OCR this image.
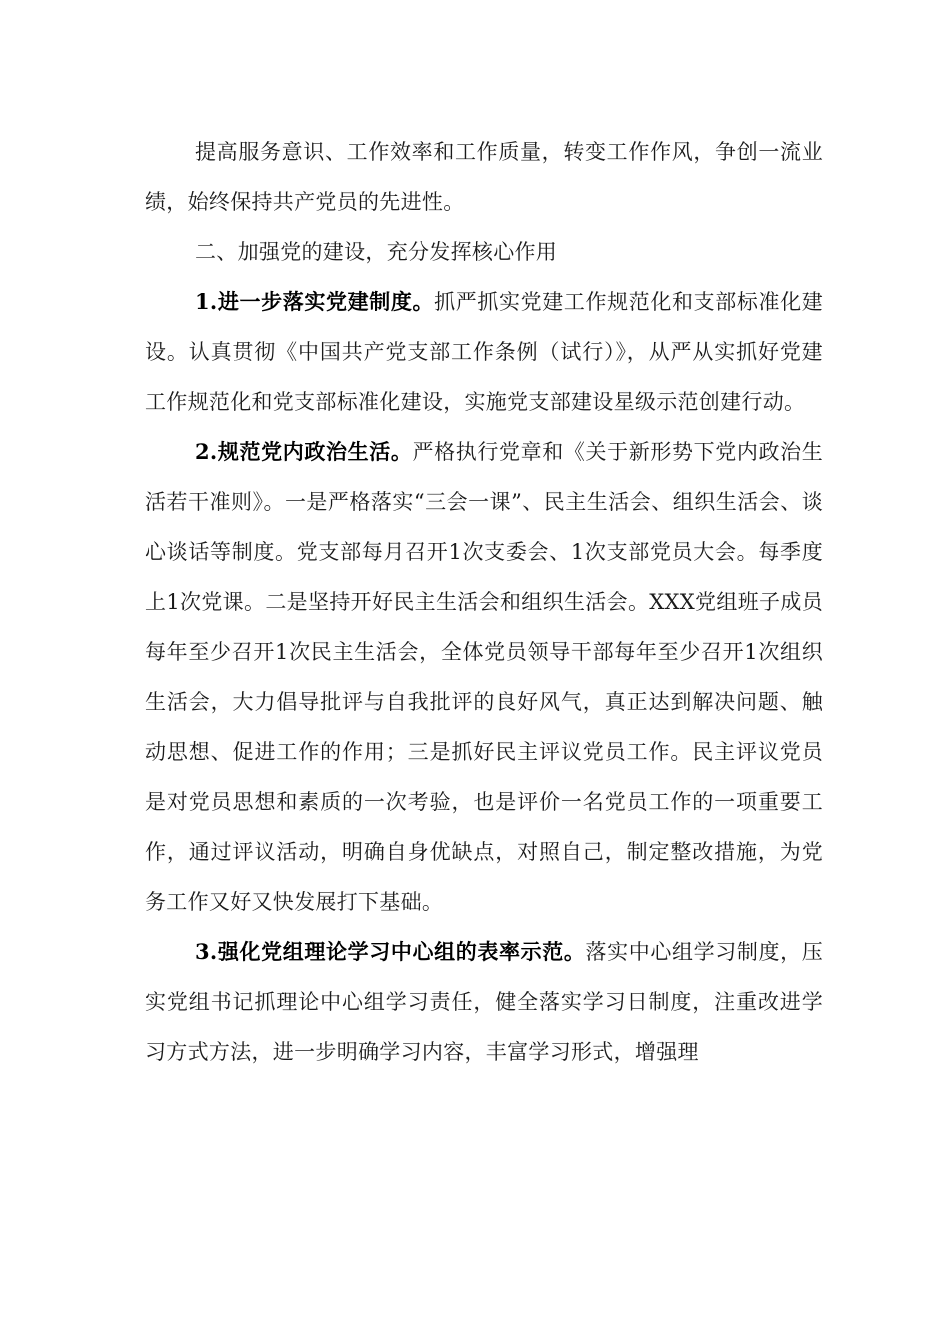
提高服务意识、工作效率和工作质量，转变工作作风，争创一流业绩，始终保持共产党员的先进性。

二、加强党的建设，充分发挥核心作用

1.进一步落实党建制度。抓严抓实党建工作规范化和支部标准化建设。认真贯彻《中国共产党支部工作条例（试行）》，从严从实抓好党建工作规范化和党支部标准化建设，实施党支部建设星级示范创建行动。

2.规范党内政治生活。严格执行党章和《关于新形势下党内政治生活若干准则》。一是严格落实“三会一课”、民主生活会、组织生活会、谈心谈话等制度。党支部每月召开1次支委会、1次支部党员大会。每季度上1次党课。二是坚持开好民主生活会和组织生活会。XXX党组班子成员每年至少召开1次民主生活会，全体党员领导干部每年至少召开1次组织生活会，大力倡导批评与自我批评的良好风气，真正达到解决问题、触动思想、促进工作的作用；三是抓好民主评议党员工作。民主评议党员是对党员思想和素质的一次考验，也是评价一名党员工作的一项重要工作，通过评议活动，明确自身优缺点，对照自己，制定整改措施，为党务工作又好又快发展打下基础。

3.强化党组理论学习中心组的表率示范。落实中心组学习制度，压实党组书记抓理论中心组学习责任，健全落实学习日制度，注重改进学习方式方法，进一步明确学习内容，丰富学习形式，增强理
